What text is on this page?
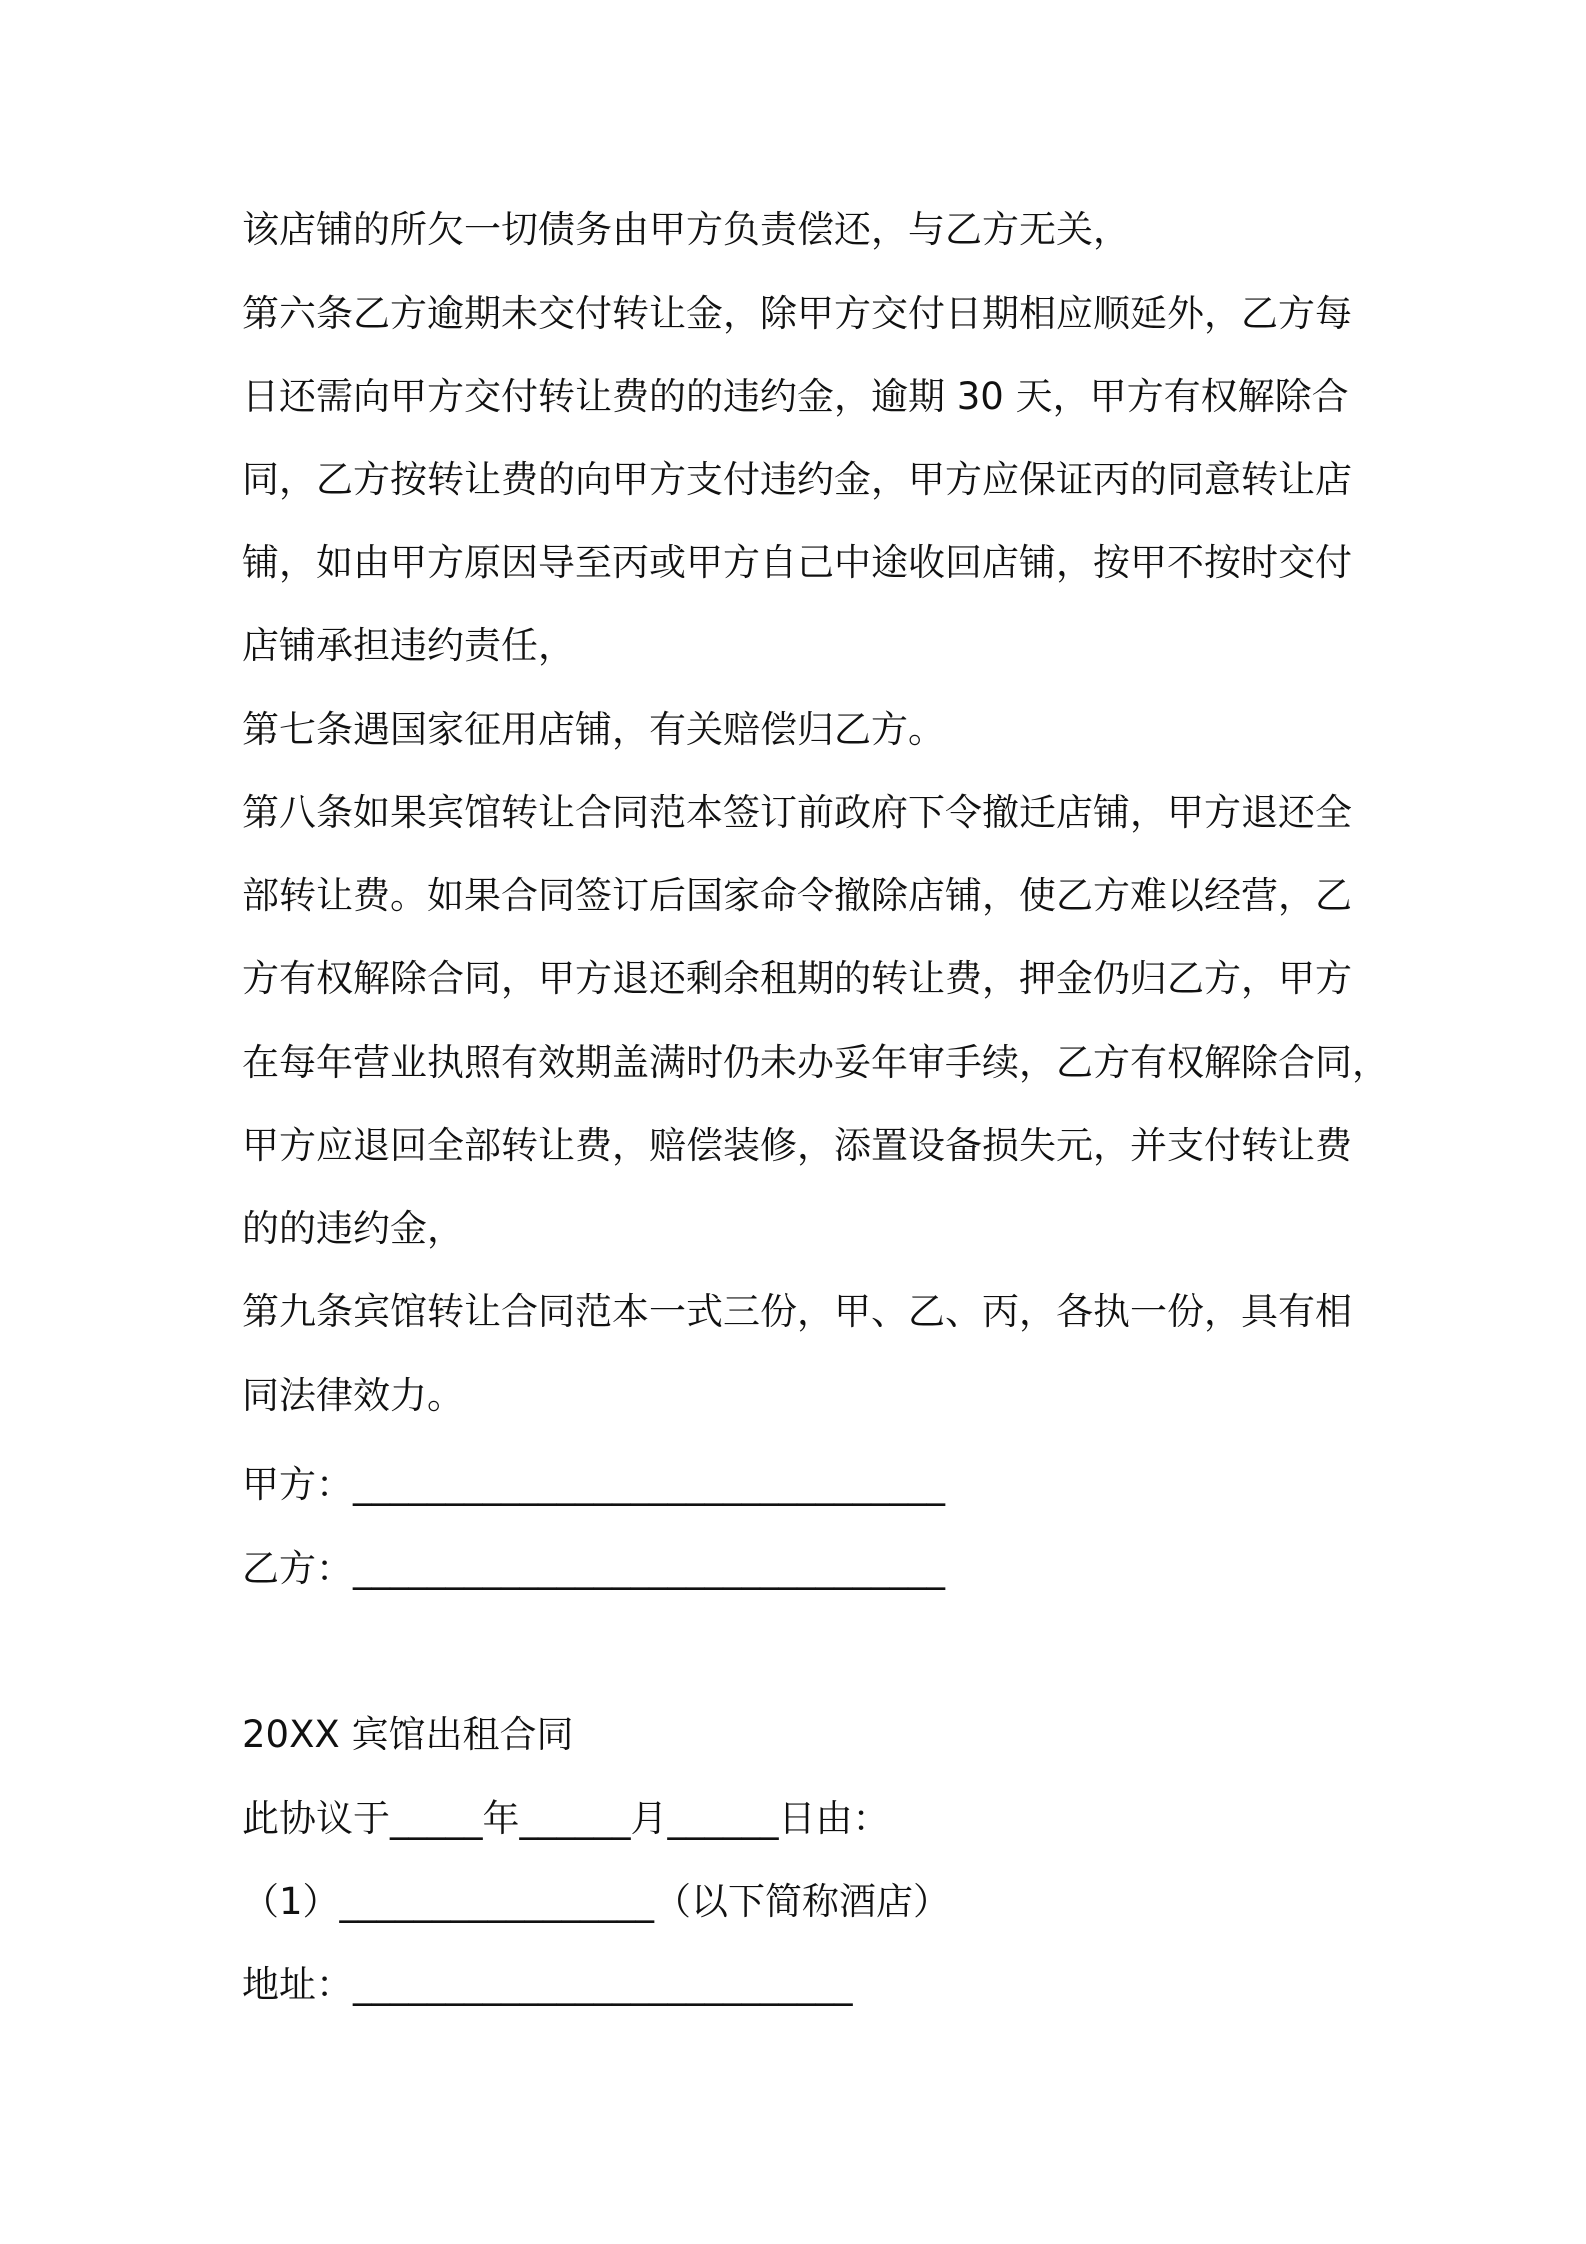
该店铺的所欠一切债务由甲方负责偿还，与乙方无关，
第六条乙方逾期未交付转让金，除甲方交付日期相应顺延外，乙方每
日还需向甲方交付转让费的的违约金，逾期 30 天，甲方有权解除合
同，乙方按转让费的向甲方支付违约金，甲方应保证丙的同意转让店
铺，如由甲方原因导至丙或甲方自己中途收回店铺，按甲不按时交付
店铺承担违约责任，
第七条遇国家征用店铺，有关赔偿归乙方。
第八条如果宾馆转让合同范本签订前政府下令撤迁店铺，甲方退还全
部转让费。如果合同签订后国家命令撤除店铺，使乙方难以经营，乙
方有权解除合同，甲方退还剩余租期的转让费，押金仍归乙方，甲方
在每年营业执照有效期盖满时仍未办妥年审手续，乙方有权解除合同，
甲方应退回全部转让费，赔偿装修，添置设备损失元，并支付转让费
的的违约金，
第九条宾馆转让合同范本一式三份，甲、乙、丙，各执一份，具有相
同法律效力。
甲方：________________________________
乙方：________________________________
20XX 宾馆出租合同
此协议于_____年______月______日由：
（1）_________________（以下简称酒店）
地址：___________________________
